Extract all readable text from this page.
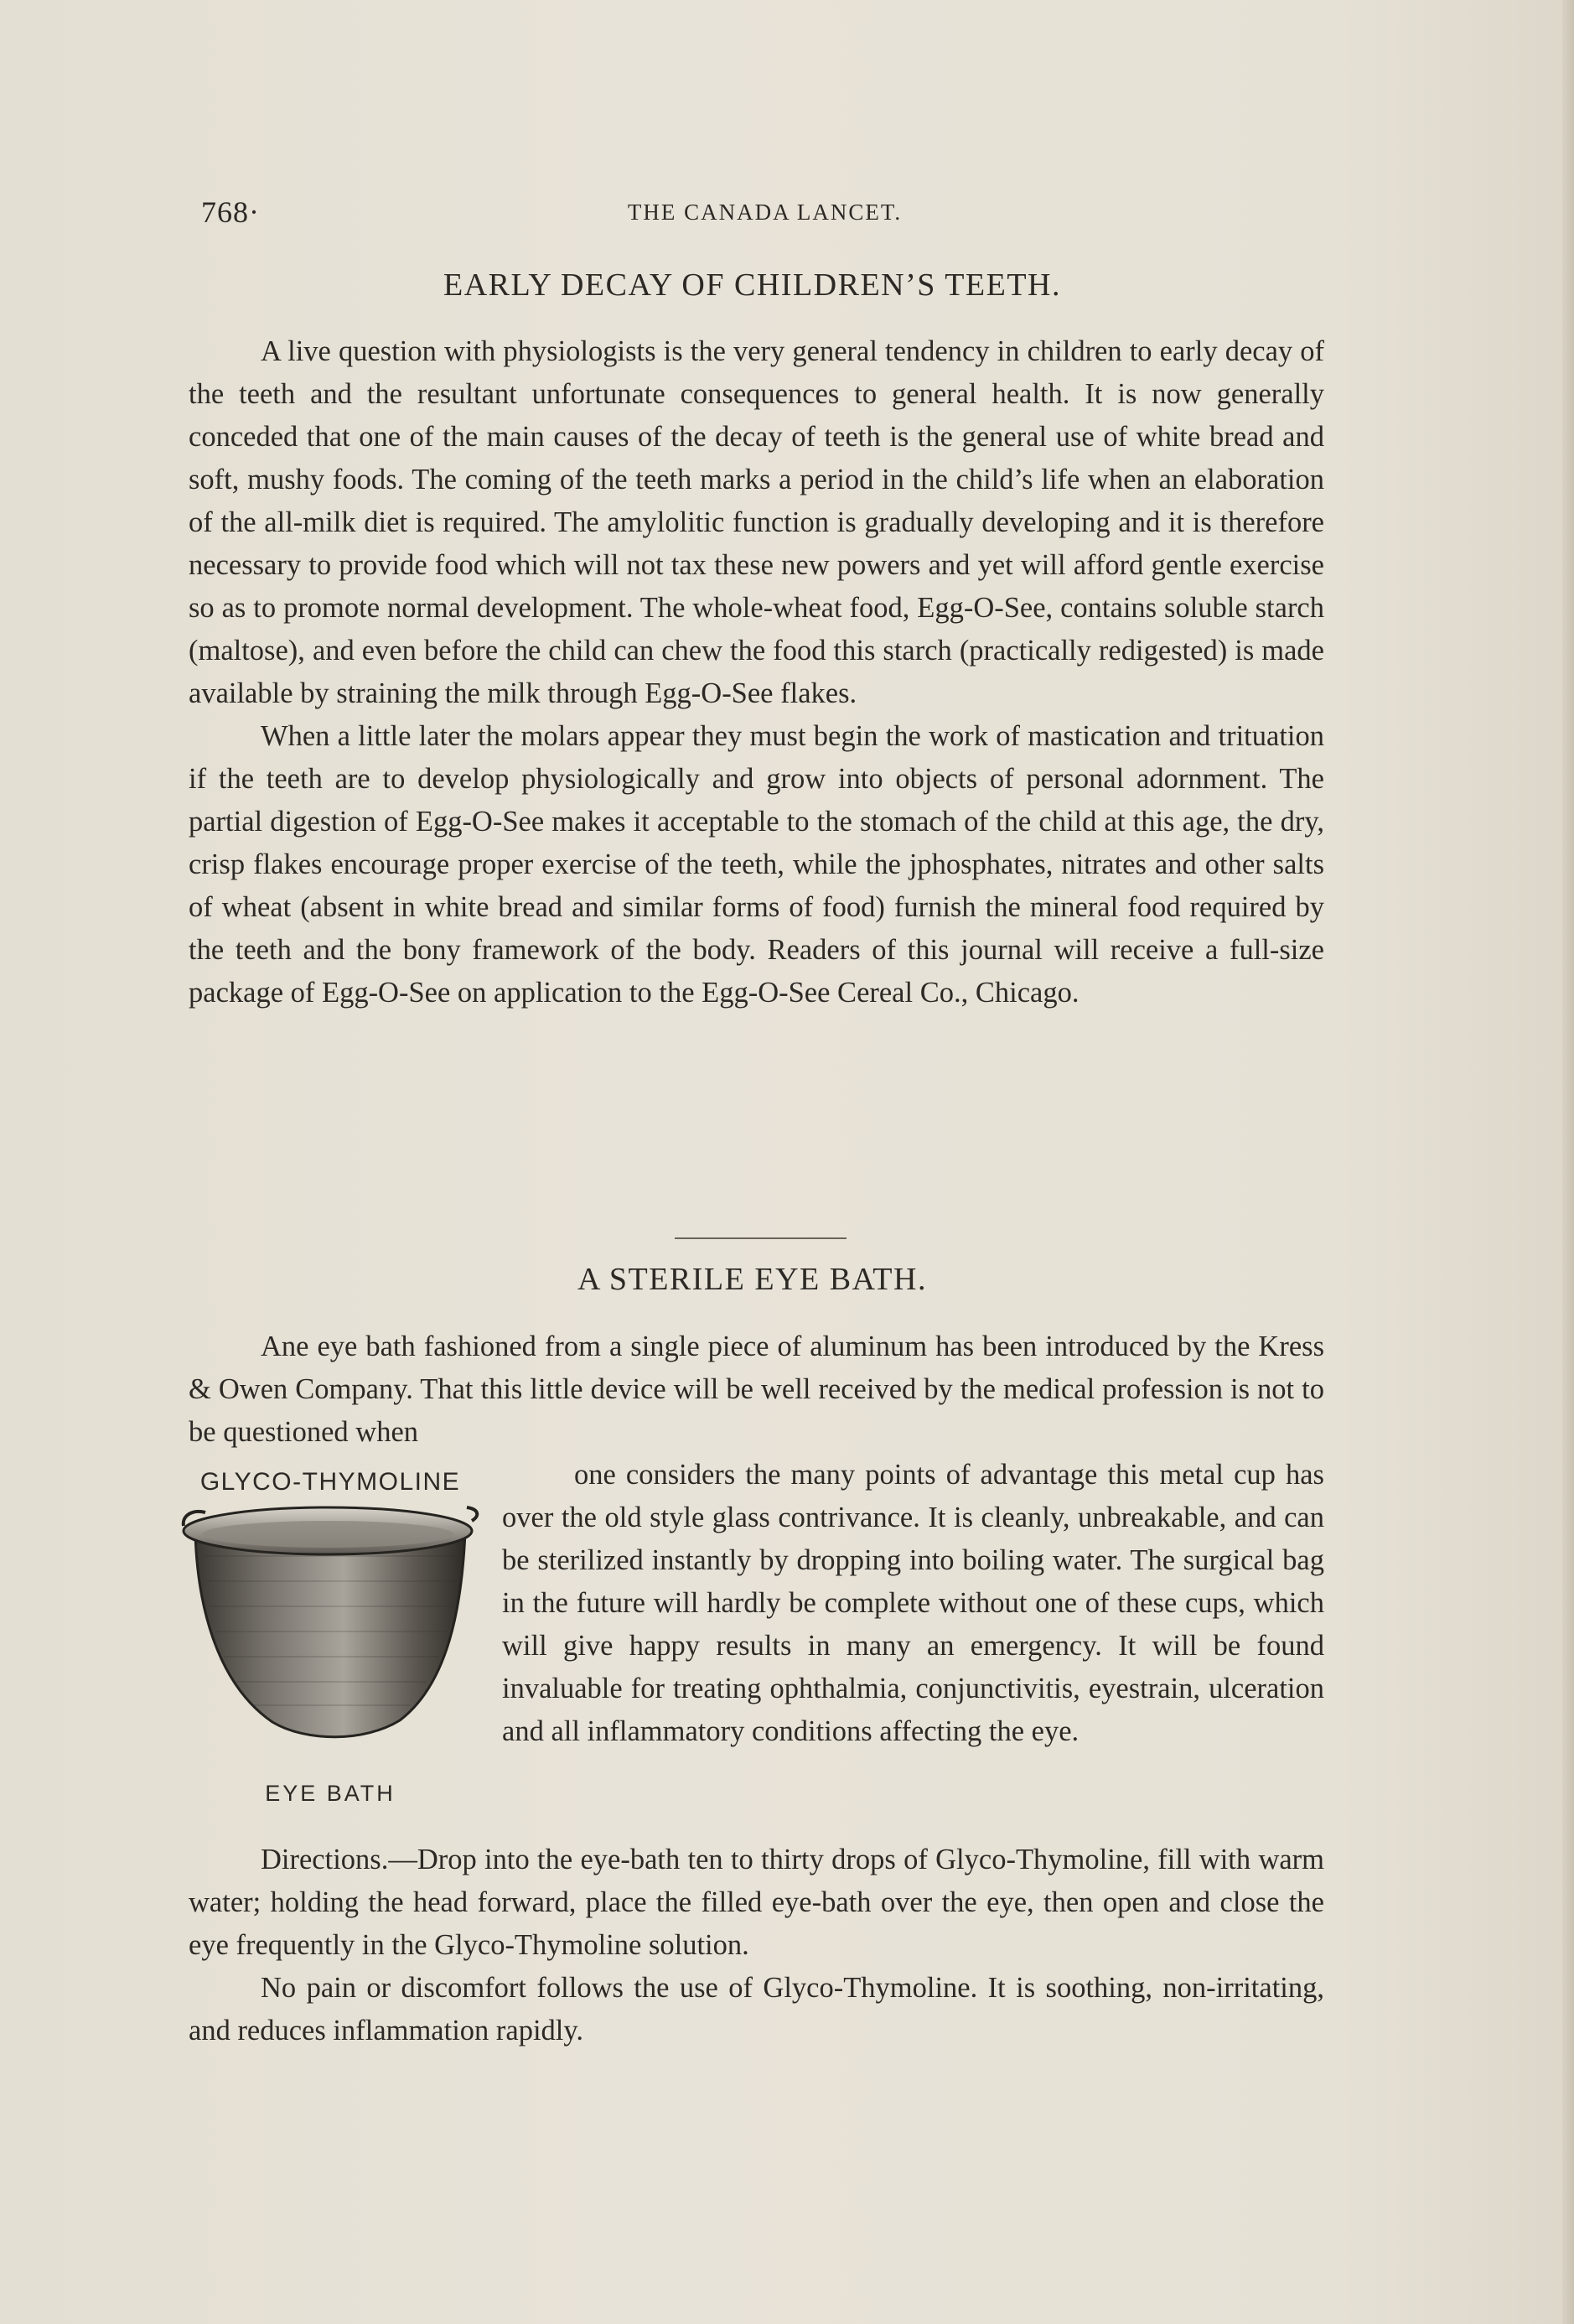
768·	THE CANADA LANCET.
EARLY DECAY OF CHILDREN’S TEETH.

A live question with physiologists is the very general tendency in children to early decay of the teeth and the resultant unfortunate consequences to general health. It is now generally conceded that one of the main causes of the decay of teeth is the general use of white bread and soft, mushy foods. The coming of the teeth marks a period in the child’s life when an elaboration of the all-milk diet is required. The amylolitic function is gradually developing and it is therefore necessary to provide food which will not tax these new powers and yet will afford gentle exercise so as to promote normal development. The whole-wheat food, Egg-O-See, contains soluble starch (maltose), and even before the child can chew the food this starch (practically redigested) is made available by straining the milk through Egg-O-See flakes.

When a little later the molars appear they must begin the work of mastication and trituation if the teeth are to develop physiologically and grow into objects of personal adornment. The partial digestion of Egg-O-See makes it acceptable to the stomach of the child at this age, the dry, crisp flakes encourage proper exercise of the teeth, while the jphosphates, nitrates and other salts of wheat (absent in white bread and similar forms of food) furnish the mineral food required by the teeth and the bony framework of the body. Readers of this journal will receive a full-size package of Egg-O-See on application to the Egg-O-See Cereal Co., Chicago.

A STERILE EYE BATH.

Ane eye bath fashioned from a single piece of aluminum has been introduced by the Kress & Owen Company. That this little device will be well received by the medical profession is not to be questioned when

GLYCO-THYMOLINE
EYE BATH

one considers the many points of advantage this metal cup has over the old style glass contrivance. It is cleanly, unbreakable, and can be sterilized instantly by dropping into boiling water. The surgical bag in the future will hardly be complete without one of these cups, which will give happy results in many an emergency. It will be found invaluable for treating ophthalmia, conjunctivitis, eyestrain, ulceration and all inflammatory conditions affecting the eye.

Directions.—Drop into the eye-bath ten to thirty drops of Glyco-Thymoline, fill with warm water; holding the head forward, place the filled eye-bath over the eye, then open and close the eye frequently in the Glyco-Thymoline solution.

No pain or discomfort follows the use of Glyco-Thymoline. It is soothing, non-irritating, and reduces inflammation rapidly.
